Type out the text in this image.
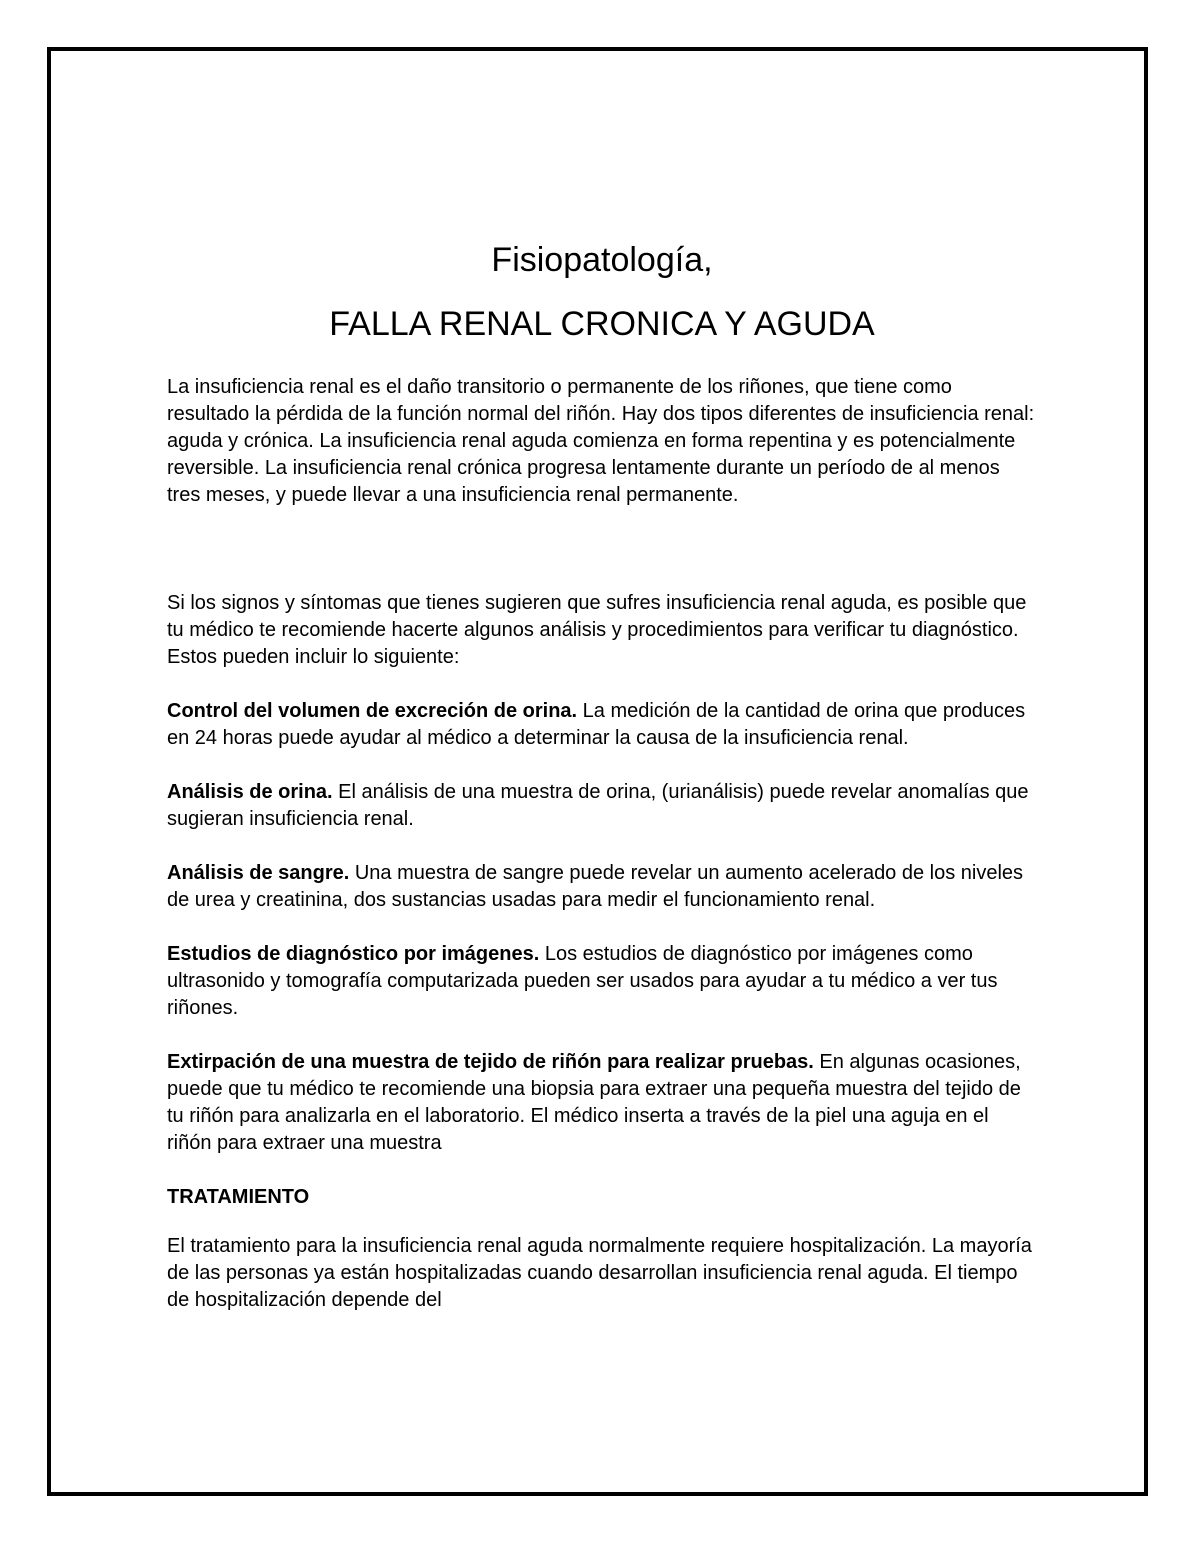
Fisiopatología,
FALLA RENAL CRONICA Y AGUDA

La insuficiencia renal es el daño transitorio o permanente de los riñones, que tiene como resultado la pérdida de la función normal del riñón. Hay dos tipos diferentes de insuficiencia renal: aguda y crónica. La insuficiencia renal aguda comienza en forma repentina y es potencialmente reversible. La insuficiencia renal crónica progresa lentamente durante un período de al menos tres meses, y puede llevar a una insuficiencia renal permanente.

Si los signos y síntomas que tienes sugieren que sufres insuficiencia renal aguda, es posible que tu médico te recomiende hacerte algunos análisis y procedimientos para verificar tu diagnóstico. Estos pueden incluir lo siguiente:

Control del volumen de excreción de orina. La medición de la cantidad de orina que produces en 24 horas puede ayudar al médico a determinar la causa de la insuficiencia renal.

Análisis de orina. El análisis de una muestra de orina, (urianálisis) puede revelar anomalías que sugieran insuficiencia renal.

Análisis de sangre. Una muestra de sangre puede revelar un aumento acelerado de los niveles de urea y creatinina, dos sustancias usadas para medir el funcionamiento renal.

Estudios de diagnóstico por imágenes. Los estudios de diagnóstico por imágenes como ultrasonido y tomografía computarizada pueden ser usados para ayudar a tu médico a ver tus riñones.

Extirpación de una muestra de tejido de riñón para realizar pruebas. En algunas ocasiones, puede que tu médico te recomiende una biopsia para extraer una pequeña muestra del tejido de tu riñón para analizarla en el laboratorio. El médico inserta a través de la piel una aguja en el riñón para extraer una muestra

TRATAMIENTO

El tratamiento para la insuficiencia renal aguda normalmente requiere hospitalización. La mayoría de las personas ya están hospitalizadas cuando desarrollan insuficiencia renal aguda. El tiempo de hospitalización depende del
